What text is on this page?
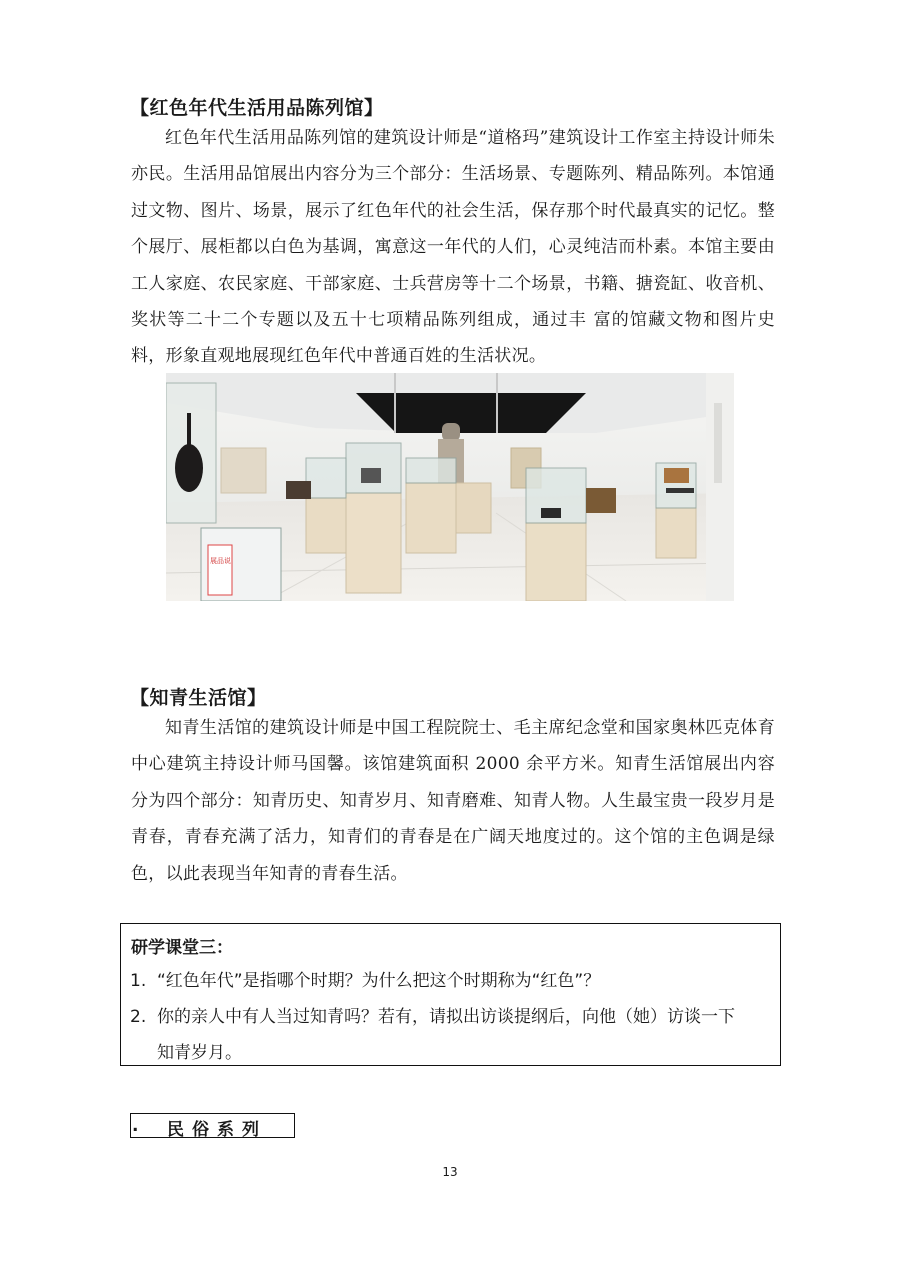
【红色年代生活用品陈列馆】
红色年代生活用品陈列馆的建筑设计师是“道格玛”建筑设计工作室主持设计师朱亦民。生活用品馆展出内容分为三个部分：生活场景、专题陈列、精品陈列。本馆通过文物、图片、场景，展示了红色年代的社会生活，保存那个时代最真实的记忆。整个展厅、展柜都以白色为基调，寓意这一年代的人们，心灵纯洁而朴素。本馆主要由工人家庭、农民家庭、干部家庭、士兵营房等十二个场景，书籍、搪瓷缸、收音机、奖状等二十二个专题以及五十七项精品陈列组成，通过丰 富的馆藏文物和图片史料，形象直观地展现红色年代中普通百姓的生活状况。
展品说
【知青生活馆】
知青生活馆的建筑设计师是中国工程院院士、毛主席纪念堂和国家奥林匹克体育中心建筑主持设计师马国馨。该馆建筑面积 2000 余平方米。知青生活馆展出内容分为四个部分：知青历史、知青岁月、知青磨难、知青人物。人生最宝贵一段岁月是青春，青春充满了活力，知青们的青春是在广阔天地度过的。这个馆的主色调是绿色，以此表现当年知青的青春生活。
研学课堂三：
1. “红色年代”是指哪个时期？为什么把这个时期称为“红色”？
2. 你的亲人中有人当过知青吗？若有，请拟出访谈提纲后，向他（她）访谈一下
知青岁月。
. 民俗系列
13
